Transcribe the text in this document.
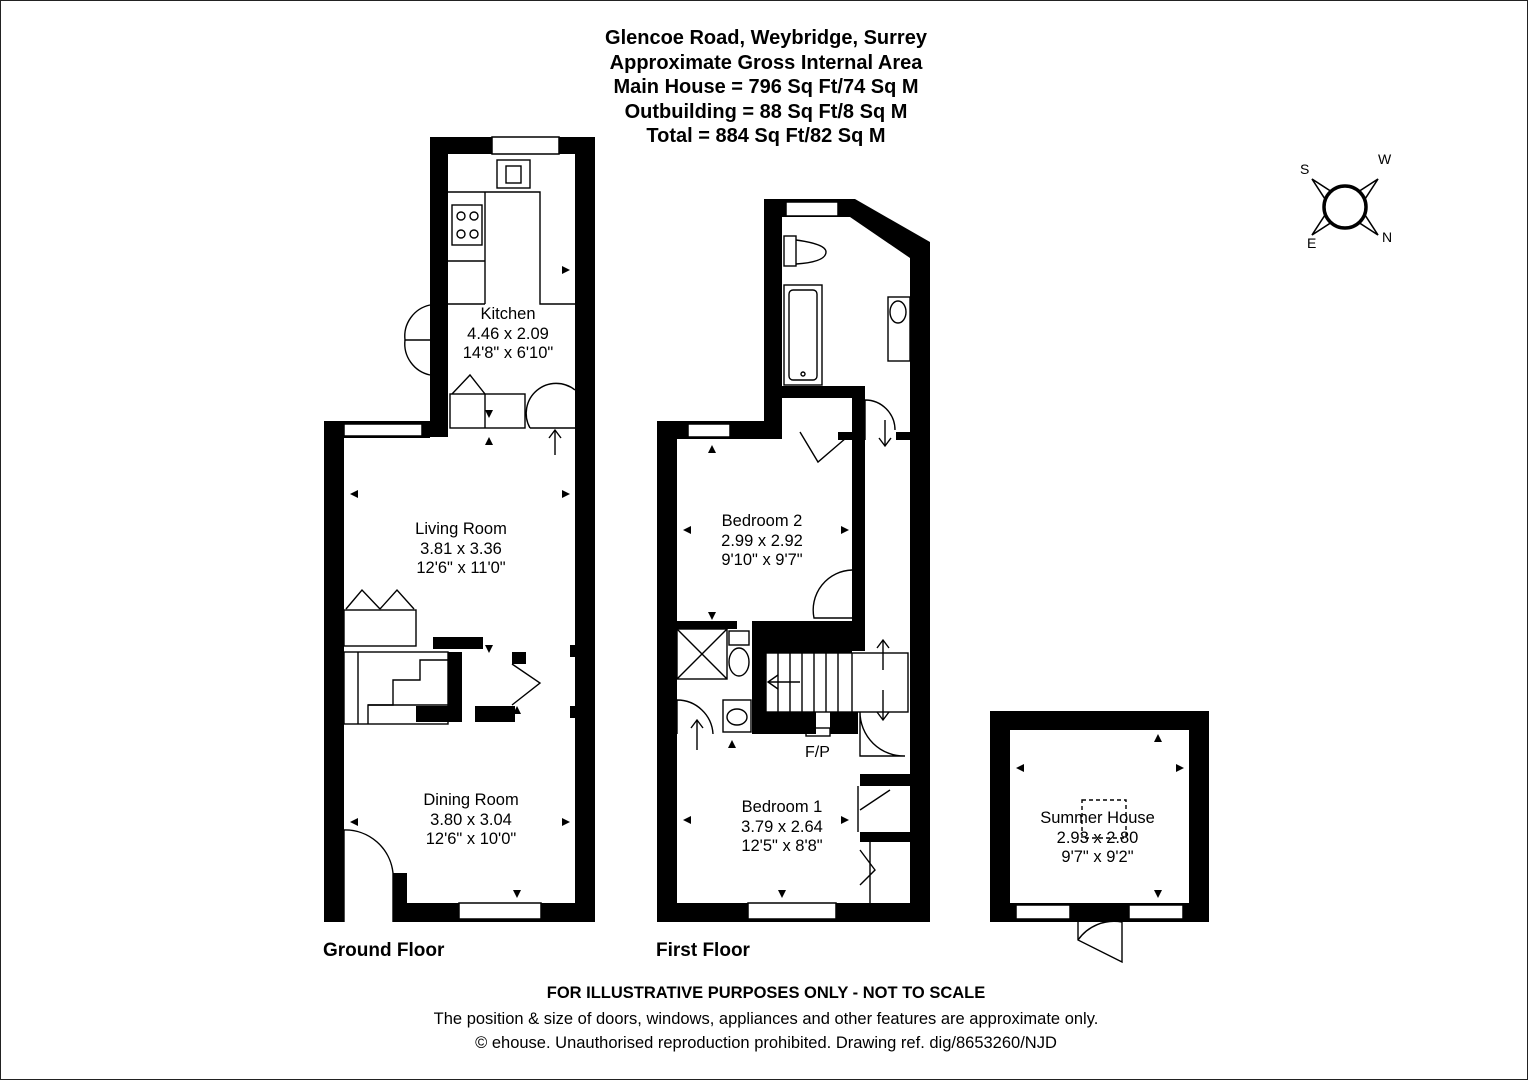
Glencoe Road, Weybridge, Surrey
Approximate Gross Internal Area
Main House = 796 Sq Ft/74 Sq M
Outbuilding = 88 Sq Ft/8 Sq M
Total = 884 Sq Ft/82 Sq M
S
W
E	N
Kitchen
4.46 x 2.09
14'8" x 6'10"
Living Room
3.81 x 3.36
12'6" x 11'0"
Dining Room
3.80 x 3.04
12'6" x 10'0"
Bedroom 2
2.99 x 2.92
9'10" x 9'7"
Bedroom 1
3.79 x 2.64
12'5" x 8'8"
Summer House
2.93 x 2.80
9'7" x 9'2"
F/P
Ground Floor	First Floor
FOR ILLUSTRATIVE PURPOSES ONLY - NOT TO SCALE
The position & size of doors, windows, appliances and other features are approximate only.
© ehouse. Unauthorised reproduction prohibited. Drawing ref. dig/8653260/NJD
